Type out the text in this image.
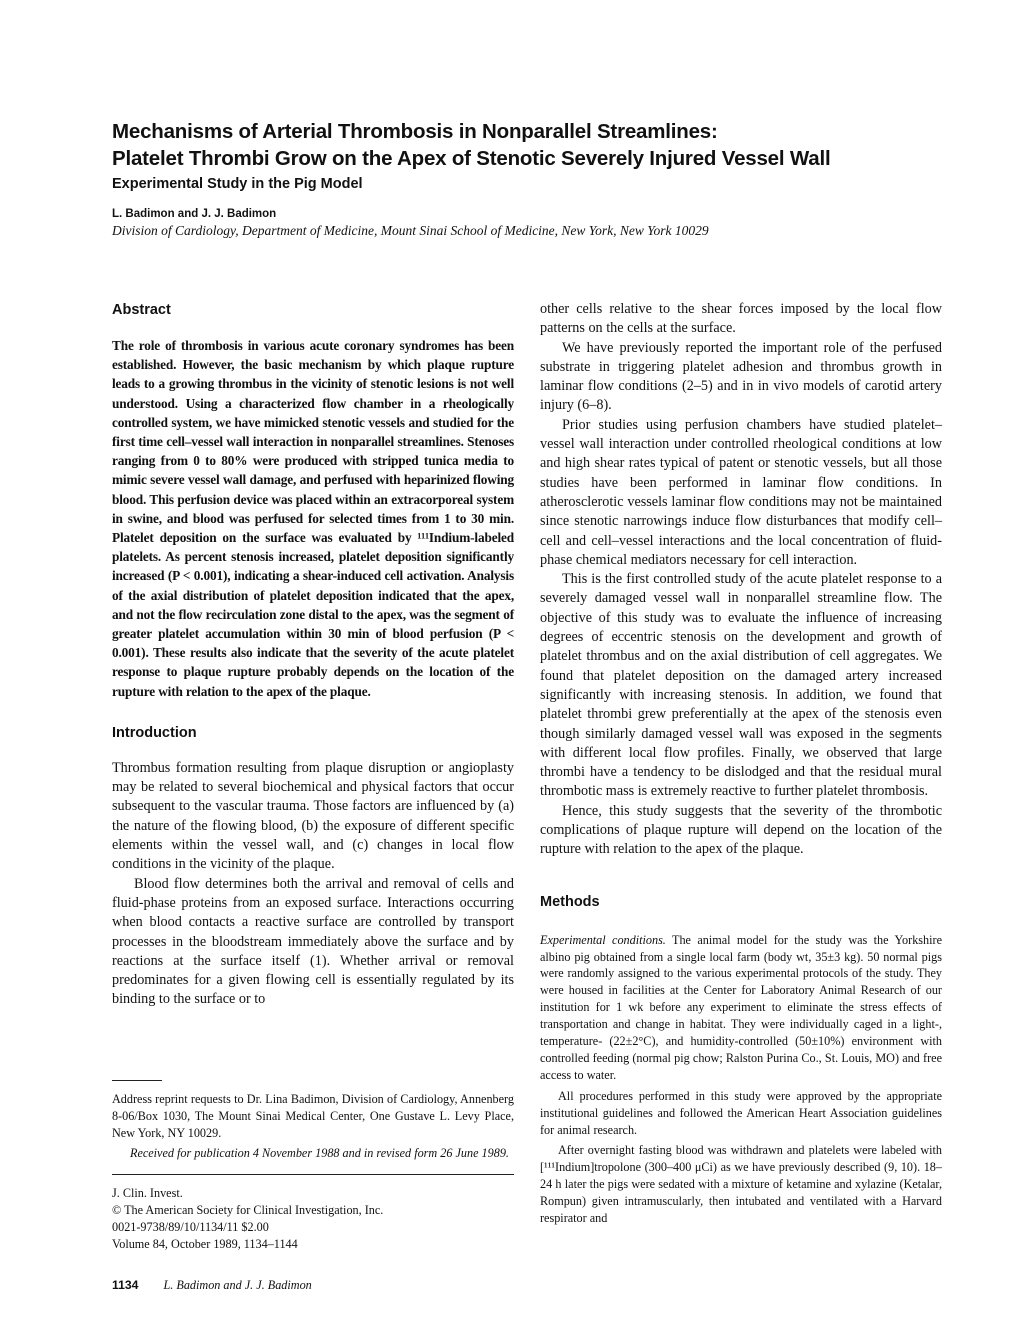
Mechanisms of Arterial Thrombosis in Nonparallel Streamlines:
Platelet Thrombi Grow on the Apex of Stenotic Severely Injured Vessel Wall
Experimental Study in the Pig Model
L. Badimon and J. J. Badimon
Division of Cardiology, Department of Medicine, Mount Sinai School of Medicine, New York, New York 10029
Abstract

The role of thrombosis in various acute coronary syndromes has been established. However, the basic mechanism by which plaque rupture leads to a growing thrombus in the vicinity of stenotic lesions is not well understood. Using a characterized flow chamber in a rheologically controlled system, we have mimicked stenotic vessels and studied for the first time cell–vessel wall interaction in nonparallel streamlines. Stenoses ranging from 0 to 80% were produced with stripped tunica media to mimic severe vessel wall damage, and perfused with heparinized flowing blood. This perfusion device was placed within an extracorporeal system in swine, and blood was perfused for selected times from 1 to 30 min. Platelet deposition on the surface was evaluated by ¹¹¹Indium-labeled platelets. As percent stenosis increased, platelet deposition significantly increased (P < 0.001), indicating a shear-induced cell activation. Analysis of the axial distribution of platelet deposition indicated that the apex, and not the flow recirculation zone distal to the apex, was the segment of greater platelet accumulation within 30 min of blood perfusion (P < 0.001). These results also indicate that the severity of the acute platelet response to plaque rupture probably depends on the location of the rupture with relation to the apex of the plaque.

Introduction

Thrombus formation resulting from plaque disruption or angioplasty may be related to several biochemical and physical factors that occur subsequent to the vascular trauma. Those factors are influenced by (a) the nature of the flowing blood, (b) the exposure of different specific elements within the vessel wall, and (c) changes in local flow conditions in the vicinity of the plaque.

Blood flow determines both the arrival and removal of cells and fluid-phase proteins from an exposed surface. Interactions occurring when blood contacts a reactive surface are controlled by transport processes in the bloodstream immediately above the surface and by reactions at the surface itself (1). Whether arrival or removal predominates for a given flowing cell is essentially regulated by its binding to the surface or to

Address reprint requests to Dr. Lina Badimon, Division of Cardiology, Annenberg 8-06/Box 1030, The Mount Sinai Medical Center, One Gustave L. Levy Place, New York, NY 10029.

Received for publication 4 November 1988 and in revised form 26 June 1989.

J. Clin. Invest.

© The American Society for Clinical Investigation, Inc.

0021-9738/89/10/1134/11 $2.00

Volume 84, October 1989, 1134–1144

other cells relative to the shear forces imposed by the local flow patterns on the cells at the surface.

We have previously reported the important role of the perfused substrate in triggering platelet adhesion and thrombus growth in laminar flow conditions (2–5) and in in vivo models of carotid artery injury (6–8).

Prior studies using perfusion chambers have studied platelet–vessel wall interaction under controlled rheological conditions at low and high shear rates typical of patent or stenotic vessels, but all those studies have been performed in laminar flow conditions. In atherosclerotic vessels laminar flow conditions may not be maintained since stenotic narrowings induce flow disturbances that modify cell–cell and cell–vessel interactions and the local concentration of fluid-phase chemical mediators necessary for cell interaction.

This is the first controlled study of the acute platelet response to a severely damaged vessel wall in nonparallel streamline flow. The objective of this study was to evaluate the influence of increasing degrees of eccentric stenosis on the development and growth of platelet thrombus and on the axial distribution of cell aggregates. We found that platelet deposition on the damaged artery increased significantly with increasing stenosis. In addition, we found that platelet thrombi grew preferentially at the apex of the stenosis even though similarly damaged vessel wall was exposed in the segments with different local flow profiles. Finally, we observed that large thrombi have a tendency to be dislodged and that the residual mural thrombotic mass is extremely reactive to further platelet thrombosis.

Hence, this study suggests that the severity of the thrombotic complications of plaque rupture will depend on the location of the rupture with relation to the apex of the plaque.

Methods

Experimental conditions. The animal model for the study was the Yorkshire albino pig obtained from a single local farm (body wt, 35±3 kg). 50 normal pigs were randomly assigned to the various experimental protocols of the study. They were housed in facilities at the Center for Laboratory Animal Research of our institution for 1 wk before any experiment to eliminate the stress effects of transportation and change in habitat. They were individually caged in a light-, temperature- (22±2°C), and humidity-controlled (50±10%) environment with controlled feeding (normal pig chow; Ralston Purina Co., St. Louis, MO) and free access to water.

All procedures performed in this study were approved by the appropriate institutional guidelines and followed the American Heart Association guidelines for animal research.

After overnight fasting blood was withdrawn and platelets were labeled with [¹¹¹Indium]tropolone (300–400 μCi) as we have previously described (9, 10). 18–24 h later the pigs were sedated with a mixture of ketamine and xylazine (Ketalar, Rompun) given intramuscularly, then intubated and ventilated with a Harvard respirator and

1134 L. Badimon and J. J. Badimon
